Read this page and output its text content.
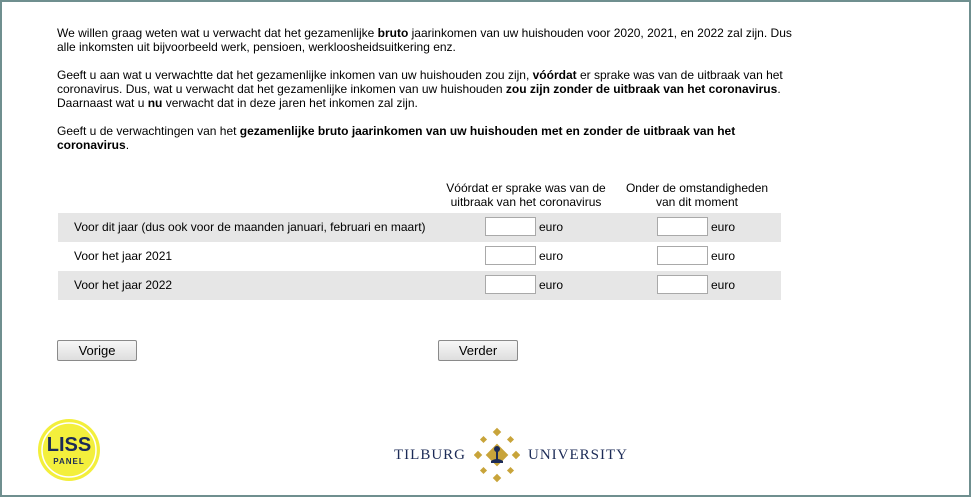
We willen graag weten wat u verwacht dat het gezamenlijke bruto jaarinkomen van uw huishouden voor 2020, 2021, en 2022 zal zijn. Dus alle inkomsten uit bijvoorbeeld werk, pensioen, werkloosheidsuitkering enz.

Geeft u aan wat u verwachtte dat het gezamenlijke inkomen van uw huishouden zou zijn, vóórdat er sprake was van de uitbraak van het coronavirus. Dus, wat u verwacht dat het gezamenlijke inkomen van uw huishouden zou zijn zonder de uitbraak van het coronavirus. Daarnaast wat u nu verwacht dat in deze jaren het inkomen zal zijn.

Geeft u de verwachtingen van het gezamenlijke bruto jaarinkomen van uw huishouden met en zonder de uitbraak van het coronavirus.

Vóórdat er sprake was van de uitbraak van het coronavirus
Onder de omstandigheden van dit moment
Voor dit jaar (dus ook voor de maanden januari, februari en maart)	euro	euro
Voor het jaar 2021	euro	euro
Voor het jaar 2022	euro	euro
Vorige	Verder
LISS
PANEL	TILBURG	UNIVERSITY
